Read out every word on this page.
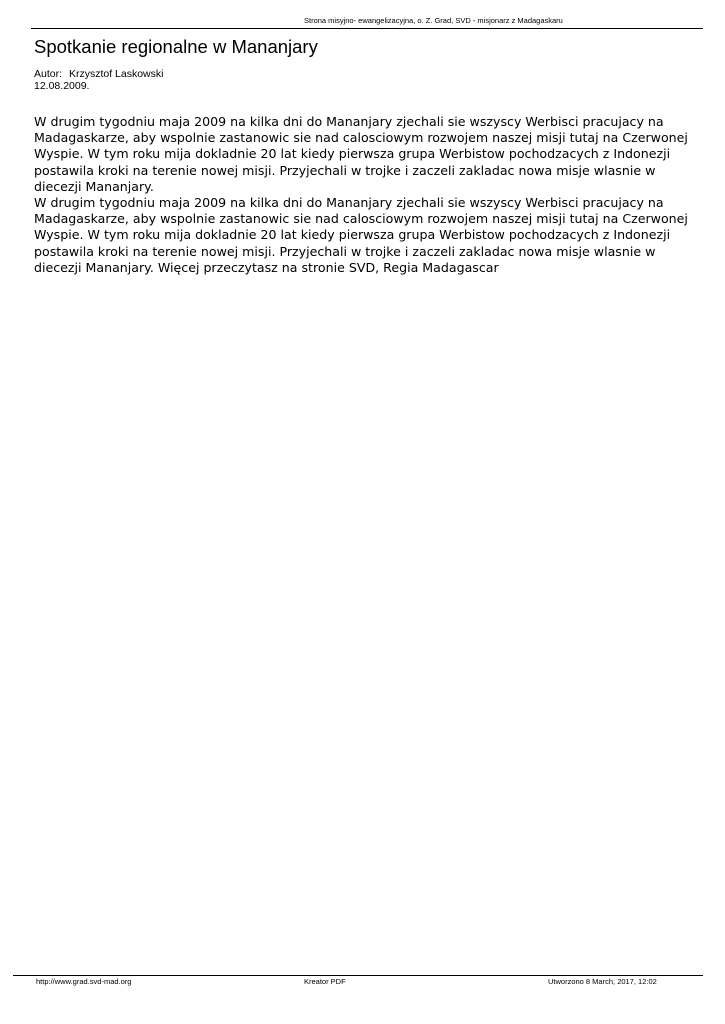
Strona misyjno- ewangelizacyjna, o. Z. Grad, SVD - misjonarz z Madagaskaru
Spotkanie regionalne w Mananjary
Autor: Krzysztof Laskowski
12.08.2009.

W drugim tygodniu maja 2009 na kilka dni do Mananjary zjechali sie wszyscy Werbisci pracujacy na Madagaskarze, aby wspolnie zastanowic sie nad calosciowym rozwojem naszej misji tutaj na Czerwonej Wyspie. W tym roku mija dokladnie 20 lat kiedy pierwsza grupa Werbistow pochodzacych z Indonezji postawila kroki na terenie nowej misji. Przyjechali w trojke i zaczeli zakladac nowa misje wlasnie w diecezji Mananjary.

W drugim tygodniu maja 2009 na kilka dni do Mananjary zjechali sie wszyscy Werbisci pracujacy na Madagaskarze, aby wspolnie zastanowic sie nad calosciowym rozwojem naszej misji tutaj na Czerwonej Wyspie. W tym roku mija dokladnie 20 lat kiedy pierwsza grupa Werbistow pochodzacych z Indonezji postawila kroki na terenie nowej misji. Przyjechali w trojke i zaczeli zakladac nowa misje wlasnie w diecezji Mananjary. Więcej przeczytasz na stronie SVD, Regia Madagascar

http://www.grad.svd-mad.org	Kreator PDF	Utworzono 8 March, 2017, 12:02
